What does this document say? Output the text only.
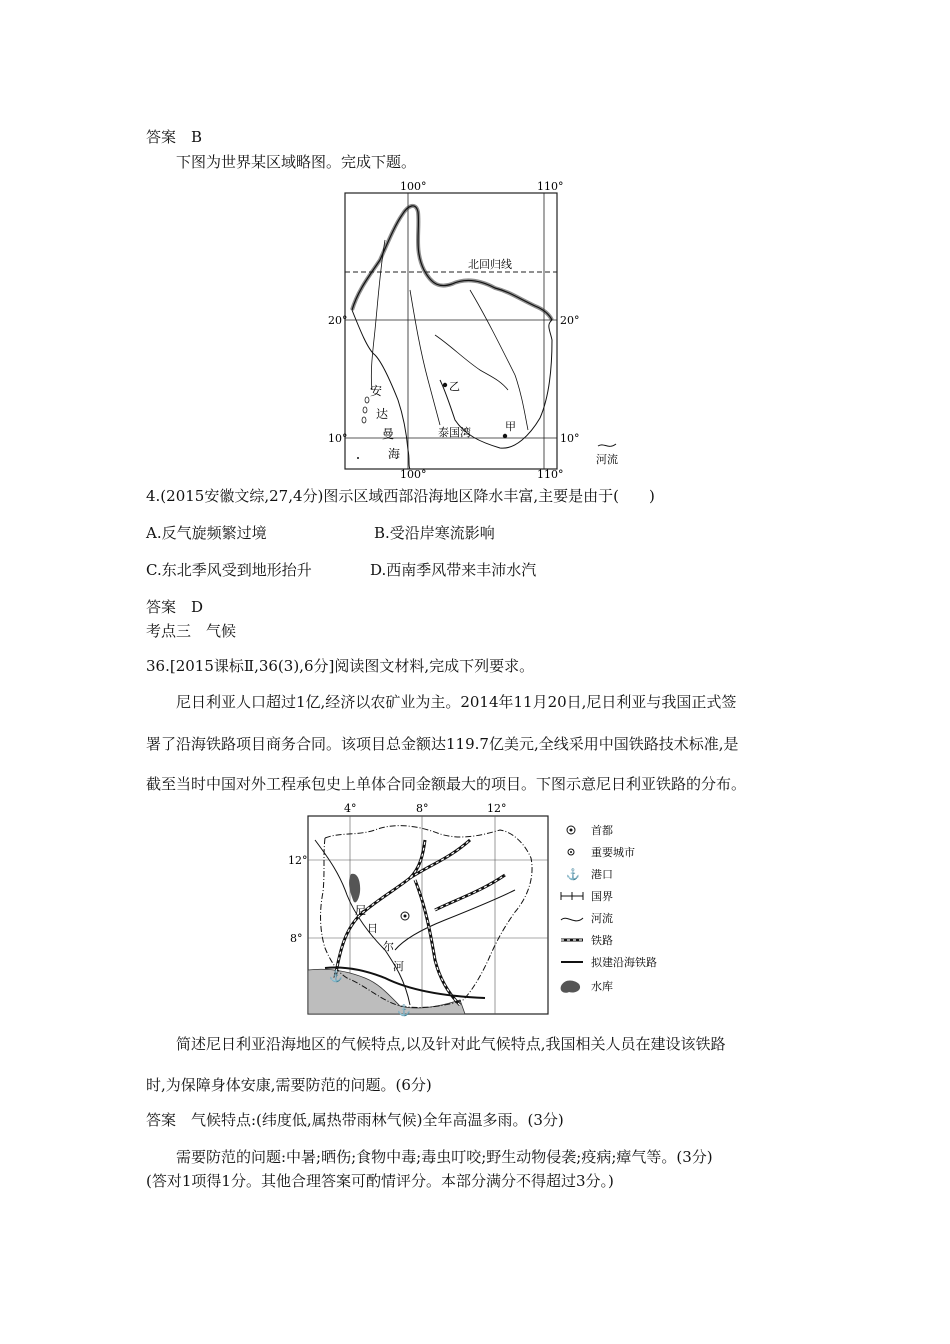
答案　B
下图为世界某区域略图。完成下题。
100°	110°
100°	110°
20°	20°
10°	10°
北回归线
安
达
曼
海
泰国湾
乙
甲
河流
4.(2015安徽文综,27,4分)图示区域西部沿海地区降水丰富,主要是由于(　　)
A.反气旋频繁过境	B.受沿岸寒流影响
C.东北季风受到地形抬升	D.西南季风带来丰沛水汽
答案　D
考点三　气候
36.[2015课标Ⅱ,36(3),6分]阅读图文材料,完成下列要求。
尼日利亚人口超过1亿,经济以农矿业为主。2014年11月20日,尼日利亚与我国正式签
署了沿海铁路项目商务合同。该项目总金额达119.7亿美元,全线采用中国铁路技术标准,是
截至当时中国对外工程承包史上单体合同金额最大的项目。下图示意尼日利亚铁路的分布。
⚓
⚓
4°	8°	12°
12°
8°
尼
日
尔
河
首都
重要城市
⚓ 港口
国界
河流
铁路
拟建沿海铁路
水库
简述尼日利亚沿海地区的气候特点,以及针对此气候特点,我国相关人员在建设该铁路
时,为保障身体安康,需要防范的问题。(6分)
答案　气候特点:(纬度低,属热带雨林气候)全年高温多雨。(3分)
需要防范的问题:中暑;晒伤;食物中毒;毒虫叮咬;野生动物侵袭;疫病;瘴气等。(3分)
(答对1项得1分。其他合理答案可酌情评分。本部分满分不得超过3分。)
